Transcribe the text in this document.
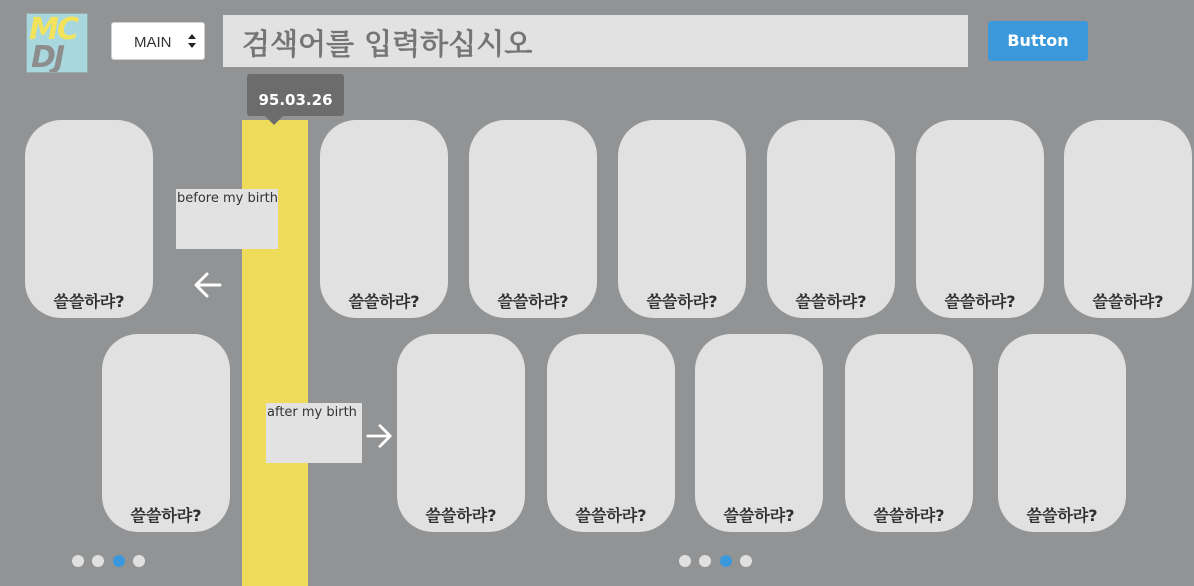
MC
DJ	MAIN
검색어를 입력하십시오	Button
95.03.26
쓸쓸하랴?	쓸쓸하랴?	쓸쓸하랴?	쓸쓸하랴?	쓸쓸하랴?	쓸쓸하랴?	쓸쓸하랴?
쓸쓸하랴?	쓸쓸하랴?	쓸쓸하랴?	쓸쓸하랴?	쓸쓸하랴?	쓸쓸하랴?
before my birth
after my birth
